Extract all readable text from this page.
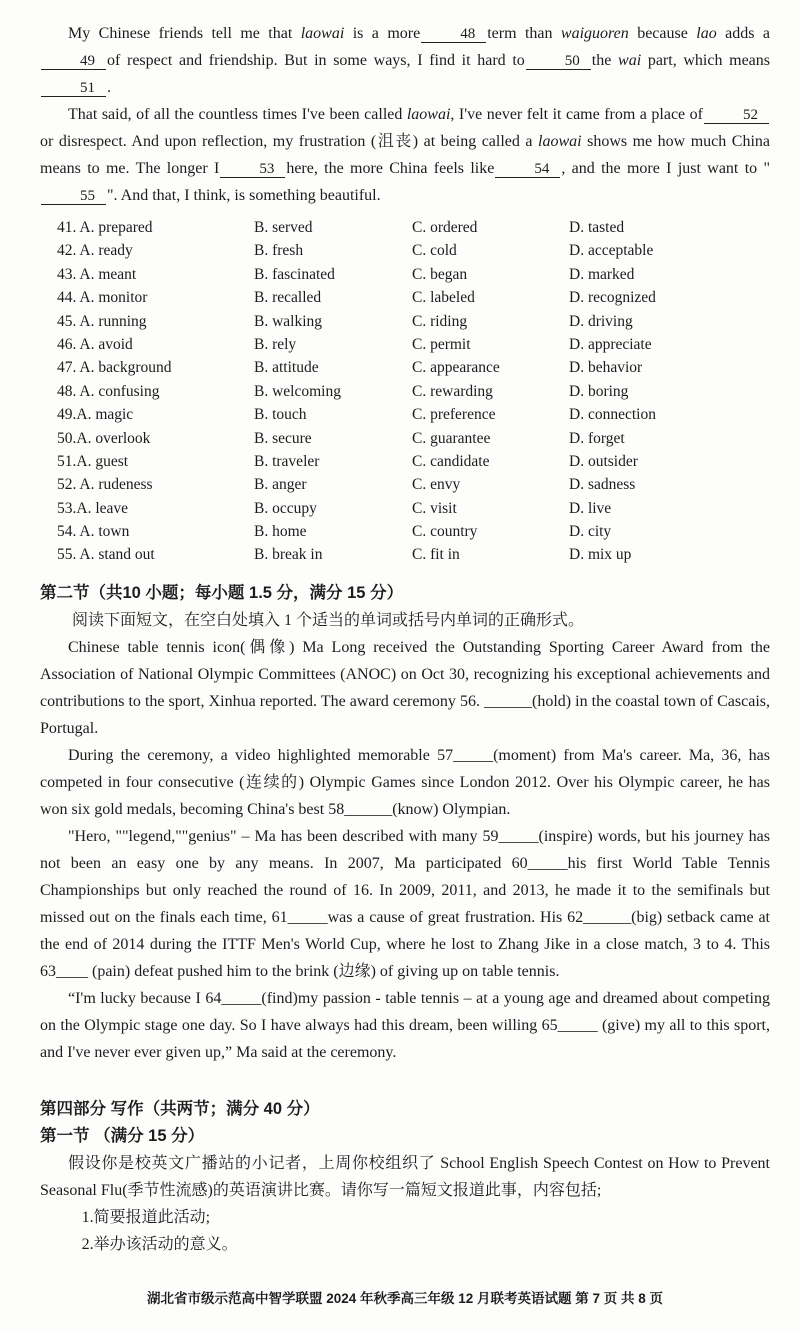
My Chinese friends tell me that laowai is a more	48 term than waiguoren because lao adds a49 of respect and friendship. But in some ways, I find it hard to	50 the wai part, which means51 .

That said, of all the countless times I've been called laowai, I've never felt it came from a place of	52or disrespect. And upon reflection, my frustration (沮丧) at being called a laowai shows me how much China means to me. The longer I	53 here, the more China feels like	54 , and the more I just want to "55 ". And that, I think, is something beautiful.

41. A. prepared	B. served	C. ordered	D. tasted
42. A. ready	B. fresh	C. cold	D. acceptable
43. A. meant	B. fascinated	C. began	D. marked
44. A. monitor	B. recalled	C. labeled	D. recognized
45. A. running	B. walking	C. riding	D. driving
46. A. avoid	B. rely	C. permit	D. appreciate
47. A. background	B. attitude	C. appearance	D. behavior
48. A. confusing	B. welcoming	C. rewarding	D. boring
49.A. magic	B. touch	C. preference	D. connection
50.A. overlook	B. secure	C. guarantee	D. forget
51.A. guest	B. traveler	C. candidate	D. outsider
52. A. rudeness	B. anger	C. envy	D. sadness
53.A. leave	B. occupy	C. visit	D. live
54. A. town	B. home	C. country	D. city
55. A. stand out	B. break in	C. fit in	D. mix up

第二节（共10 小题；每小题 1.5 分，满分 15 分）

阅读下面短文，在空白处填入 1 个适当的单词或括号内单词的正确形式。

Chinese table tennis icon(偶像) Ma Long received the Outstanding Sporting Career Award from the Association of National Olympic Committees (ANOC) on Oct 30, recognizing his exceptional achievements and contributions to the sport, Xinhua reported. The award ceremony 56. ______(hold) in the coastal town of Cascais, Portugal.

During the ceremony, a video highlighted memorable 57_____(moment) from Ma's career. Ma, 36, has competed in four consecutive (连续的) Olympic Games since London 2012. Over his Olympic career, he has won six gold medals, becoming China's best 58______(know) Olympian.

"Hero, ""legend,""genius" – Ma has been described with many 59_____(inspire) words, but his journey has not been an easy one by any means. In 2007, Ma participated 60_____his first World Table Tennis Championships but only reached the round of 16. In 2009, 2011, and 2013, he made it to the semifinals but missed out on the finals each time, 61_____was a cause of great frustration. His 62______(big) setback came at the end of 2014 during the ITTF Men's World Cup, where he lost to Zhang Jike in a close match, 3 to 4. This 63____ (pain) defeat pushed him to the brink (边缘) of giving up on table tennis.

“I'm lucky because I 64_____(find)my passion - table tennis – at a young age and dreamed about competing on the Olympic stage one day. So I have always had this dream, been willing 65_____ (give) my all to this sport, and I've never ever given up,” Ma said at the ceremony.

第四部分 写作（共两节；满分 40 分）

第一节 （满分 15 分）

假设你是校英文广播站的小记者，上周你校组织了 School English Speech Contest on How to Prevent Seasonal Flu(季节性流感)的英语演讲比赛。请你写一篇短文报道此事，内容包括;

1.简要报道此活动;

2.举办该活动的意义。

湖北省市级示范高中智学联盟 2024 年秋季高三年级 12 月联考英语试题 第 7 页 共 8 页
